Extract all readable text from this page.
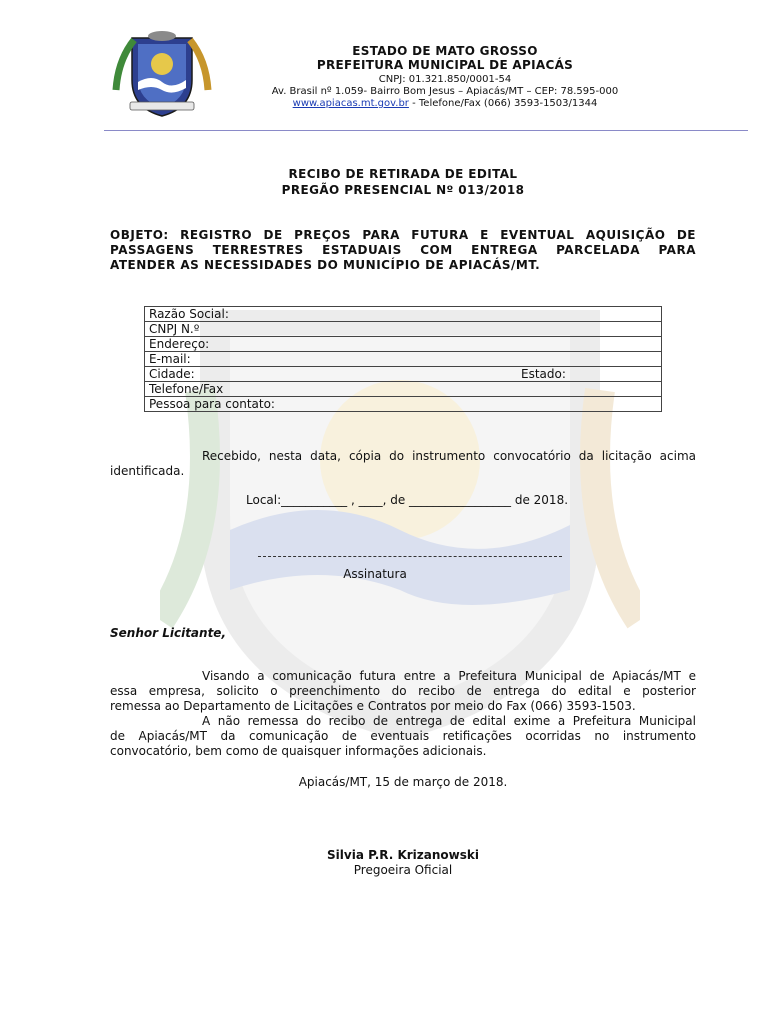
ESTADO DE MATO GROSSO
PREFEITURA MUNICIPAL DE APIACÁS
CNPJ: 01.321.850/0001-54
Av. Brasil nº 1.059- Bairro Bom Jesus – Apiacás/MT – CEP: 78.595-000
www.apiacas.mt.gov.br - Telefone/Fax (066) 3593-1503/1344
RECIBO DE RETIRADA DE EDITAL
PREGÃO PRESENCIAL Nº 013/2018
OBJETO: REGISTRO DE PREÇOS PARA FUTURA E EVENTUAL AQUISIÇÃO DE
PASSAGENS TERRESTRES ESTADUAIS COM ENTREGA PARCELADA PARA
ATENDER AS NECESSIDADES DO MUNICÍPIO DE APIACÁS/MT.
Razão Social:
CNPJ N.º
Endereço:
E-mail:
Cidade:	Estado:

Telefone/Fax
Pessoa para contato:
Recebido, nesta data, cópia do instrumento convocatório da licitação acima
identificada.
Local:___________ , ____, de _________________ de 2018.
Assinatura
Senhor Licitante,
Visando a comunicação futura entre a Prefeitura Municipal de Apiacás/MT e
essa empresa, solicito o preenchimento do recibo de entrega do edital e posterior
remessa ao Departamento de Licitações e Contratos por meio do Fax (066) 3593-1503.
A não remessa do recibo de entrega de edital exime a Prefeitura Municipal
de Apiacás/MT da comunicação de eventuais retificações ocorridas no instrumento
convocatório, bem como de quaisquer informações adicionais.
Apiacás/MT, 15 de março de 2018.
Silvia P.R. Krizanowski
Pregoeira Oficial
